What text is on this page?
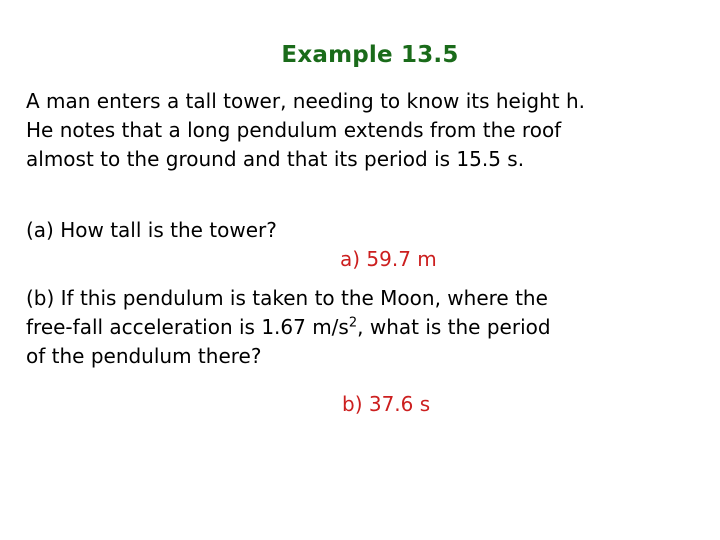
Example 13.5
A man enters a tall tower, needing to know its height h.
He notes that a long pendulum extends from the roof
almost to the ground and that its period is 15.5 s.
(a) How tall is the tower?
a) 59.7 m
(b) If this pendulum is taken to the Moon, where the
free-fall acceleration is 1.67 $m/s^2$, what is the period
of the pendulum there?
b) 37.6 s
